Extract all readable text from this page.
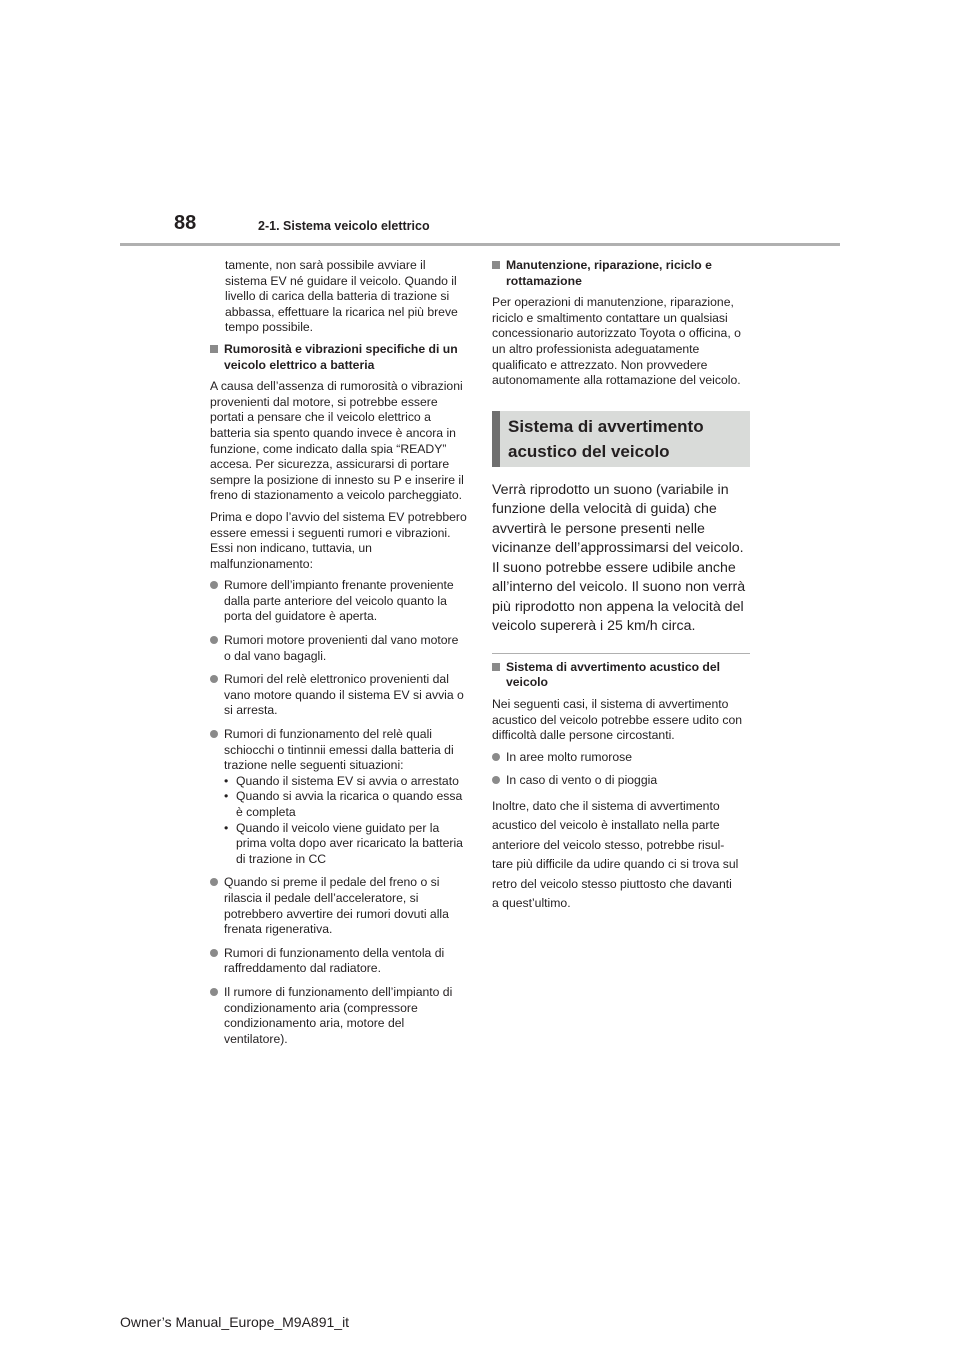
88	2-1. Sistema veicolo elettrico

tamente, non sarà possibile avviare il sistema EV né guidare il veicolo. Quando il livello di carica della batteria di trazione si abbassa, effettuare la ricarica nel più breve tempo possibile.

Rumorosità e vibrazioni specifiche di un veicolo elettrico a batteria

A causa dell’assenza di rumorosità o vibrazioni provenienti dal motore, si potrebbe essere portati a pensare che il veicolo elettrico a batteria sia spento quando invece è ancora in funzione, come indicato dalla spia “READY” accesa. Per sicurezza, assicurarsi di portare sempre la posizione di innesto su P e inserire il freno di stazionamento a veicolo parcheggiato.

Prima e dopo l’avvio del sistema EV potrebbero essere emessi i seguenti rumori e vibrazioni. Essi non indicano, tuttavia, un malfunzionamento:

Rumore dell’impianto frenante proveniente dalla parte anteriore del veicolo quanto la porta del guidatore è aperta.
Rumori motore provenienti dal vano motore o dal vano bagagli.
Rumori del relè elettronico provenienti dal vano motore quando il sistema EV si avvia o si arresta.
Rumori di funzionamento del relè quali schiocchi o tintinnii emessi dalla batteria di trazione nelle seguenti situazioni:
• Quando il sistema EV si avvia o arrestato
• Quando si avvia la ricarica o quando essa è completa
• Quando il veicolo viene guidato per la prima volta dopo aver ricaricato la batteria di trazione in CC
Quando si preme il pedale del freno o si rilascia il pedale dell’acceleratore, si potrebbero avvertire dei rumori dovuti alla frenata rigenerativa.
Rumori di funzionamento della ventola di raffreddamento dal radiatore.
Il rumore di funzionamento dell’impianto di condizionamento aria (compressore condizionamento aria, motore del ventilatore).
Manutenzione, riparazione, riciclo e rottamazione

Per operazioni di manutenzione, riparazione, riciclo e smaltimento contattare un qualsiasi concessionario autorizzato Toyota o officina, o un altro professionista adeguatamente qualificato e attrezzato. Non provvedere autonomamente alla rottamazione del veicolo.

Sistema di avvertimento acustico del veicolo

Verrà riprodotto un suono (variabile in funzione della velocità di guida) che avvertirà le persone presenti nelle vicinanze dell’approssimarsi del veicolo. Il suono potrebbe essere udibile anche all’interno del veicolo. Il suono non verrà più riprodotto non appena la velocità del veicolo supererà i 25 km/h circa.

Sistema di avvertimento acustico del veicolo

Nei seguenti casi, il sistema di avvertimento acustico del veicolo potrebbe essere udito con difficoltà dalle persone circostanti.

In aree molto rumorose
In caso di vento o di pioggia

Inoltre, dato che il sistema di avvertimento

acustico del veicolo è installato nella parte

anteriore del veicolo stesso, potrebbe risul-

tare più difficile da udire quando ci si trova sul

retro del veicolo stesso piuttosto che davanti

a quest’ultimo.

Owner’s Manual_Europe_M9A891_it
